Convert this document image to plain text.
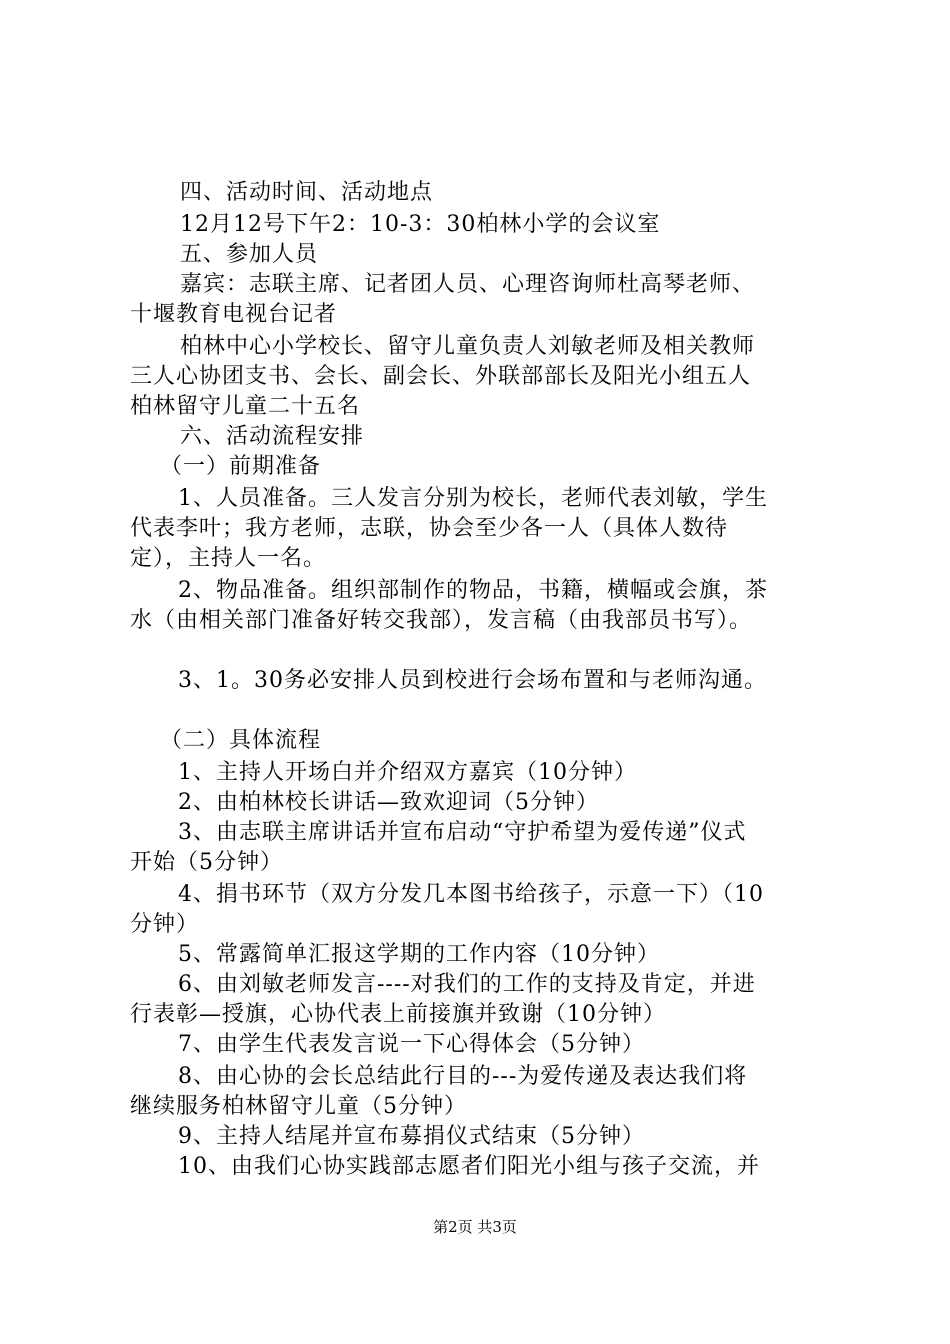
四、活动时间、活动地点
12月12号下午2：10-3：30柏林小学的会议室
五、参加人员
嘉宾：志联主席、记者团人员、心理咨询师杜高琴老师、
十堰教育电视台记者
柏林中心小学校长、留守儿童负责人刘敏老师及相关教师
三人心协团支书、会长、副会长、外联部部长及阳光小组五人
柏林留守儿童二十五名
六、活动流程安排
（一）前期准备
1、人员准备。三人发言分别为校长，老师代表刘敏，学生
代表李叶；我方老师，志联，协会至少各一人（具体人数待
定），主持人一名。
2、物品准备。组织部制作的物品，书籍，横幅或会旗，茶
水（由相关部门准备好转交我部），发言稿（由我部员书写）。
3、1。30务必安排人员到校进行会场布置和与老师沟通。
（二）具体流程
1、主持人开场白并介绍双方嘉宾（10分钟）
2、由柏林校长讲话—致欢迎词（5分钟）
3、由志联主席讲话并宣布启动“守护希望为爱传递”仪式
开始（5分钟）
4、捐书环节（双方分发几本图书给孩子，示意一下）（10
分钟）
5、常露简单汇报这学期的工作内容（10分钟）
6、由刘敏老师发言----对我们的工作的支持及肯定，并进
行表彰—授旗，心协代表上前接旗并致谢（10分钟）
7、由学生代表发言说一下心得体会（5分钟）
8、由心协的会长总结此行目的---为爱传递及表达我们将
继续服务柏林留守儿童（5分钟）
9、主持人结尾并宣布募捐仪式结束（5分钟）
10、由我们心协实践部志愿者们阳光小组与孩子交流，并
第2页 共3页
